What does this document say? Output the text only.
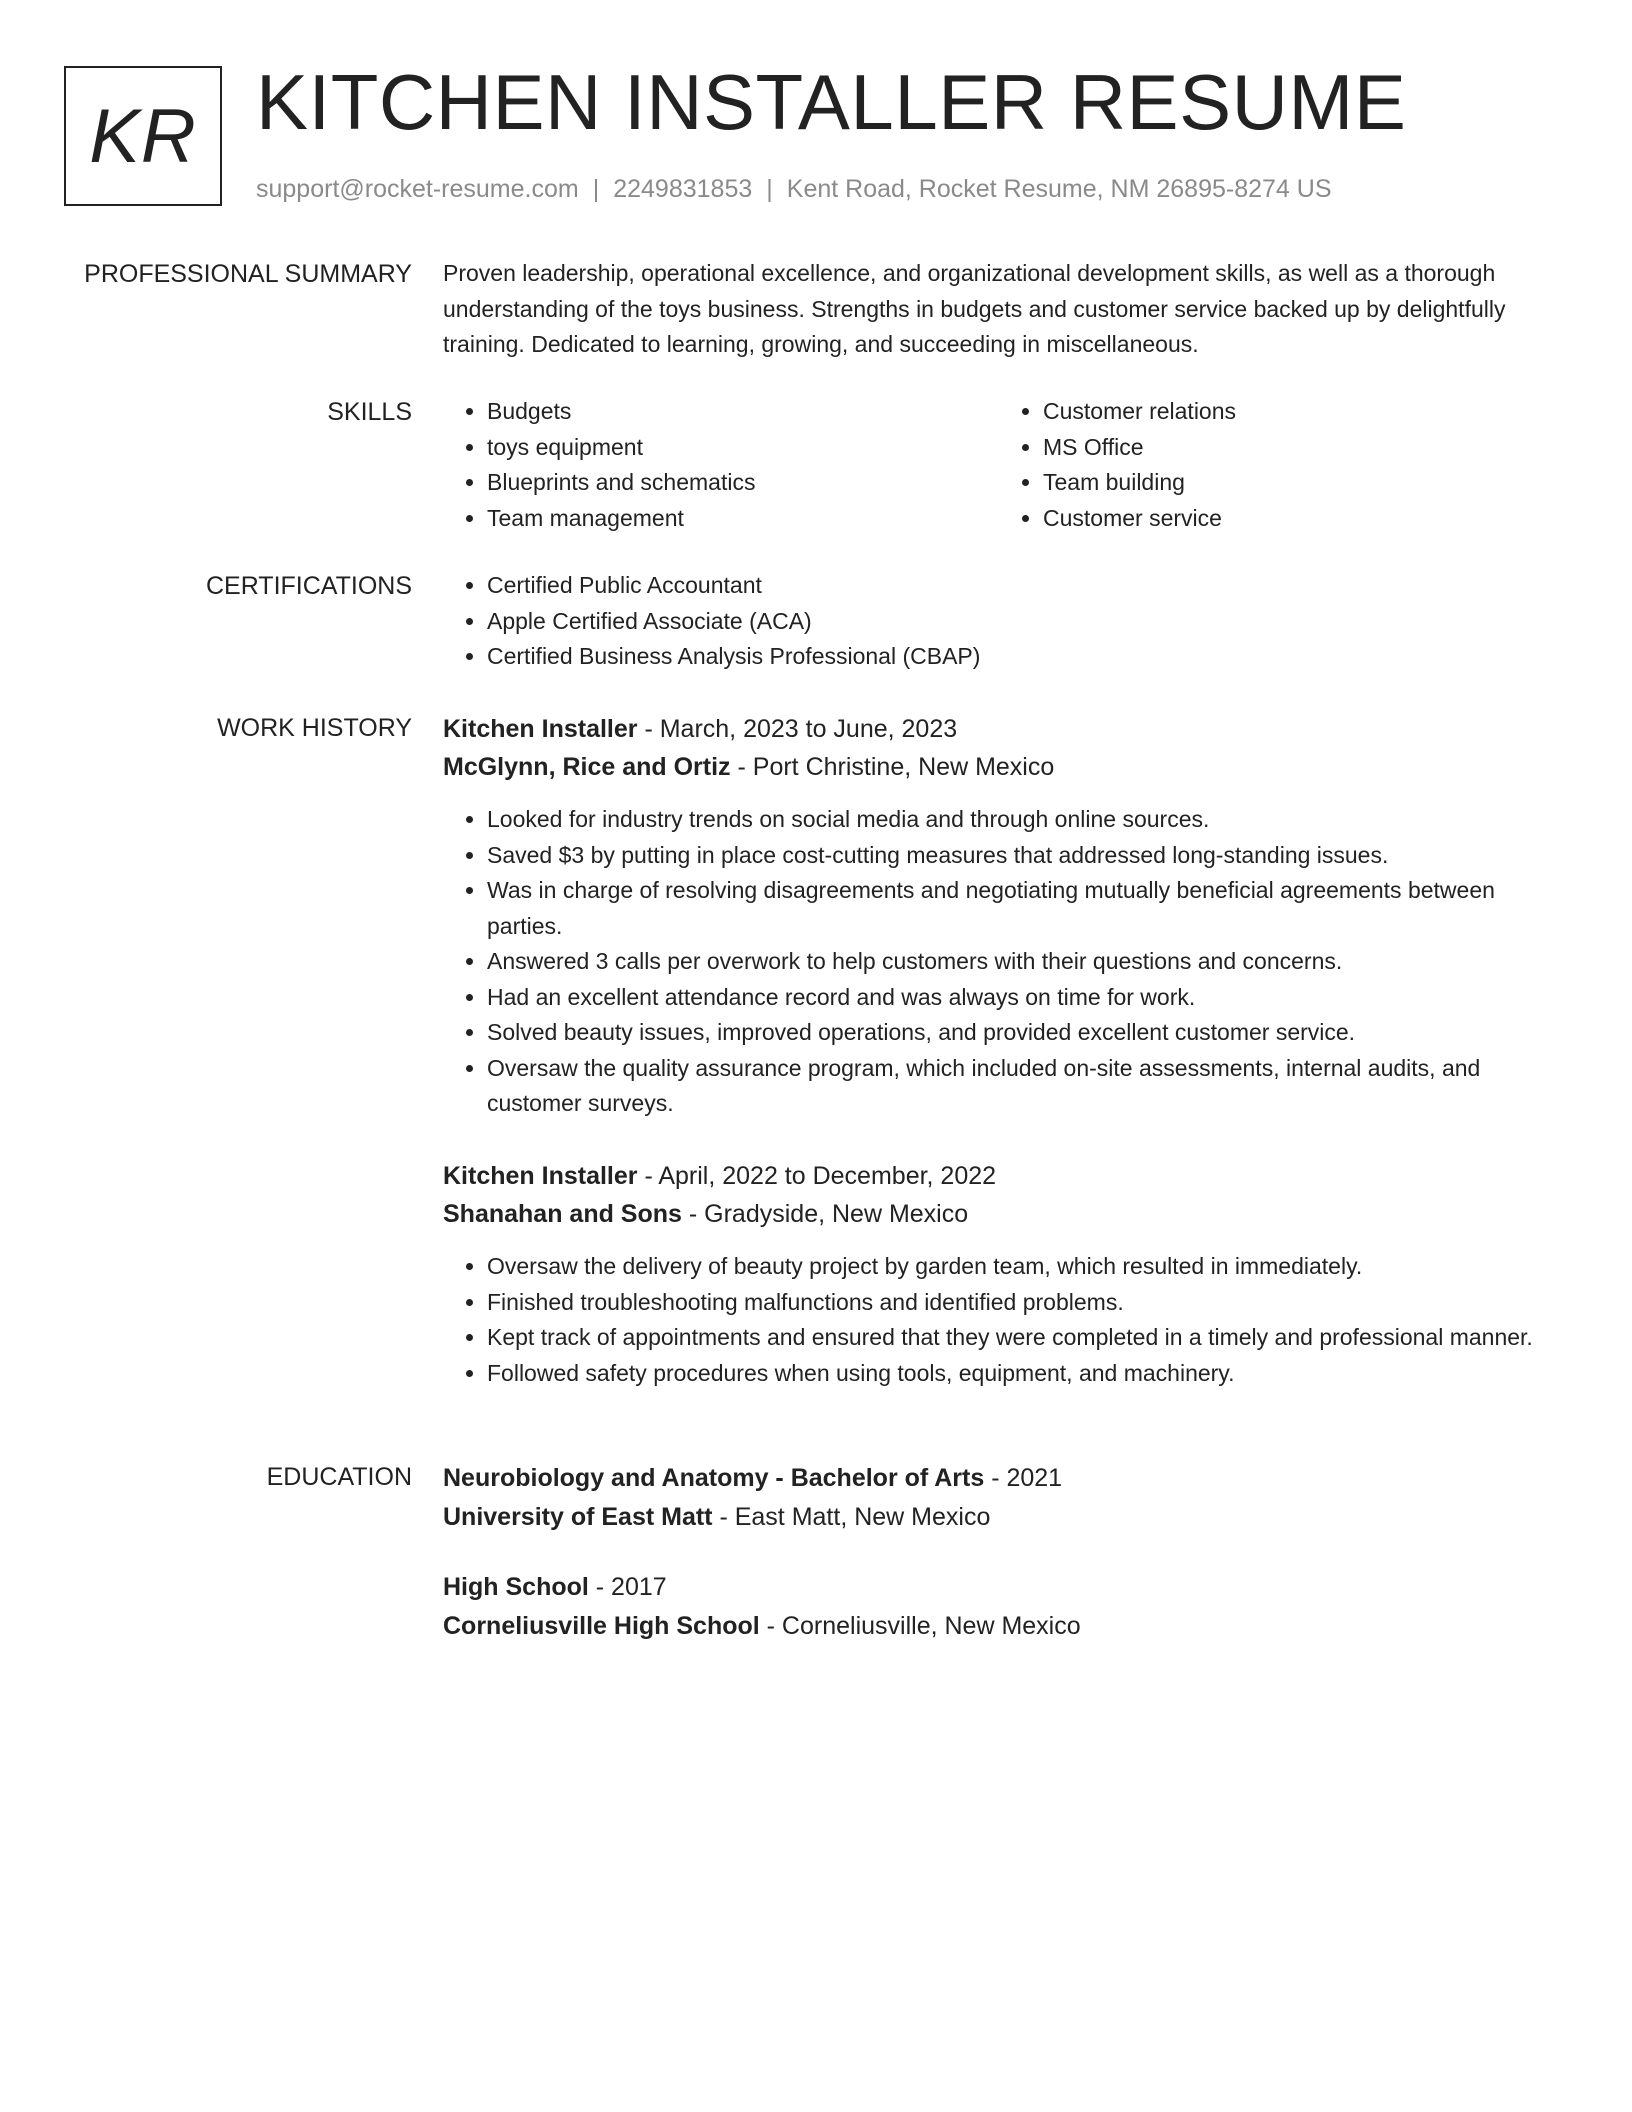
KR KITCHEN INSTALLER RESUME
support@rocket-resume.com | 2249831853 | Kent Road, Rocket Resume, NM 26895-8274 US
PROFESSIONAL SUMMARY Proven leadership, operational excellence, and organizational development skills, as well as a thorough understanding of the toys business. Strengths in budgets and customer service backed up by delightfully training. Dedicated to learning, growing, and succeeding in miscellaneous.

SKILLS	• Budgets
• toys equipment
• Blueprints and schematics
• Team management
• Customer relations
• MS Office
• Team building
• Customer service
CERTIFICATIONS	• Certified Public Accountant
• Apple Certified Associate (ACA)
• Certified Business Analysis Professional (CBAP)
WORK HISTORY Kitchen Installer - March, 2023 to June, 2023

McGlynn, Rice and Ortiz - Port Christine, New Mexico

• Looked for industry trends on social media and through online sources.
• Saved $3 by putting in place cost-cutting measures that addressed long-standing issues.
• Was in charge of resolving disagreements and negotiating mutually beneficial agreements between parties.
• Answered 3 calls per overwork to help customers with their questions and concerns.
• Had an excellent attendance record and was always on time for work.
• Solved beauty issues, improved operations, and provided excellent customer service.
• Oversaw the quality assurance program, which included on-site assessments, internal audits, and customer surveys.

Kitchen Installer - April, 2022 to December, 2022

Shanahan and Sons - Gradyside, New Mexico

• Oversaw the delivery of beauty project by garden team, which resulted in immediately.
• Finished troubleshooting malfunctions and identified problems.
• Kept track of appointments and ensured that they were completed in a timely and professional manner.
• Followed safety procedures when using tools, equipment, and machinery.
EDUCATION Neurobiology and Anatomy - Bachelor of Arts - 2021
University of East Matt - East Matt, New Mexico
High School - 2017
Corneliusville High School - Corneliusville, New Mexico
